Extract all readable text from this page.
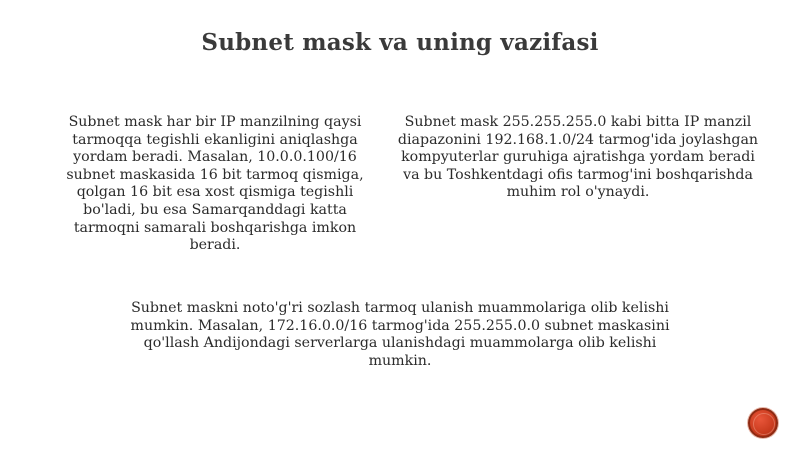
Subnet mask va uning vazifasi
Subnet mask har bir IP manzilning qaysi tarmoqqa tegishli ekanligini aniqlashga yordam beradi. Masalan, 10.0.0.100/16 subnet maskasida 16 bit tarmoq qismiga, qolgan 16 bit esa xost qismiga tegishli bo'ladi, bu esa Samarqanddagi katta tarmoqni samarali boshqarishga imkon beradi.
Subnet mask 255.255.255.0 kabi bitta IP manzil diapazonini 192.168.1.0/24 tarmog'ida joylashgan kompyuterlar guruhiga ajratishga yordam beradi va bu Toshkentdagi ofis tarmog'ini boshqarishda muhim rol o'ynaydi.
Subnet maskni noto'g'ri sozlash tarmoq ulanish muammolariga olib kelishi mumkin. Masalan, 172.16.0.0/16 tarmog'ida 255.255.0.0 subnet maskasini qo'llash Andijondagi serverlarga ulanishdagi muammolarga olib kelishi mumkin.
